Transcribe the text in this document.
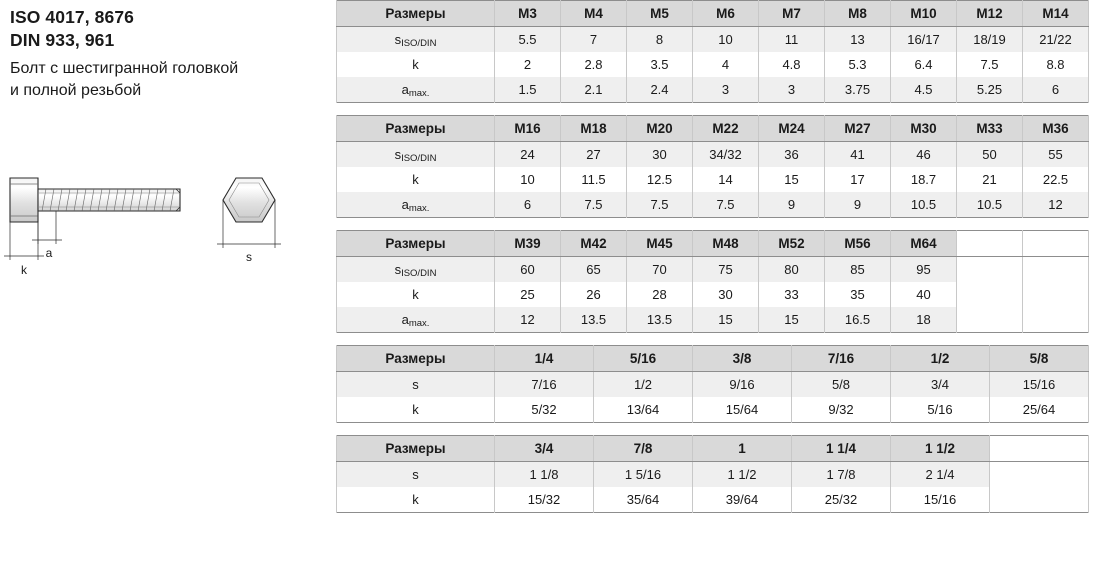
ISO 4017, 8676
DIN 933, 961
Болт с шестигранной головкой
и полной резьбой
k
a	s
Размеры	M3	M4	M5	M6	M7	M8	M10	M12	M14
sISO/DIN	5.5	7	8	10	11	13	16/17	18/19	21/22
k	2	2.8	3.5	4	4.8	5.3	6.4	7.5	8.8
amax.	1.5	2.1	2.4	3	3	3.75	4.5	5.25	6
Размеры	M16	M18	M20	M22	M24	M27	M30	M33	M36
sISO/DIN	24	27	30	34/32	36	41	46	50	55
k	10	11.5	12.5	14	15	17	18.7	21	22.5
amax.	6	7.5	7.5	7.5	9	9	10.5	10.5	12
Размеры	M39	M42	M45	M48	M52	M56	M64		
sISO/DIN	60	65	70	75	80	85	95		
k	25	26	28	30	33	35	40		
amax.	12	13.5	13.5	15	15	16.5	18		
Размеры	1/4	5/16	3/8	7/16	1/2	5/8
s	7/16	1/2	9/16	5/8	3/4	15/16
k	5/32	13/64	15/64	9/32	5/16	25/64
Размеры	3/4	7/8	1	1 1/4	1 1/2	
s	1 1/8	1 5/16	1 1/2	1 7/8	2 1/4	
k	15/32	35/64	39/64	25/32	15/16	
